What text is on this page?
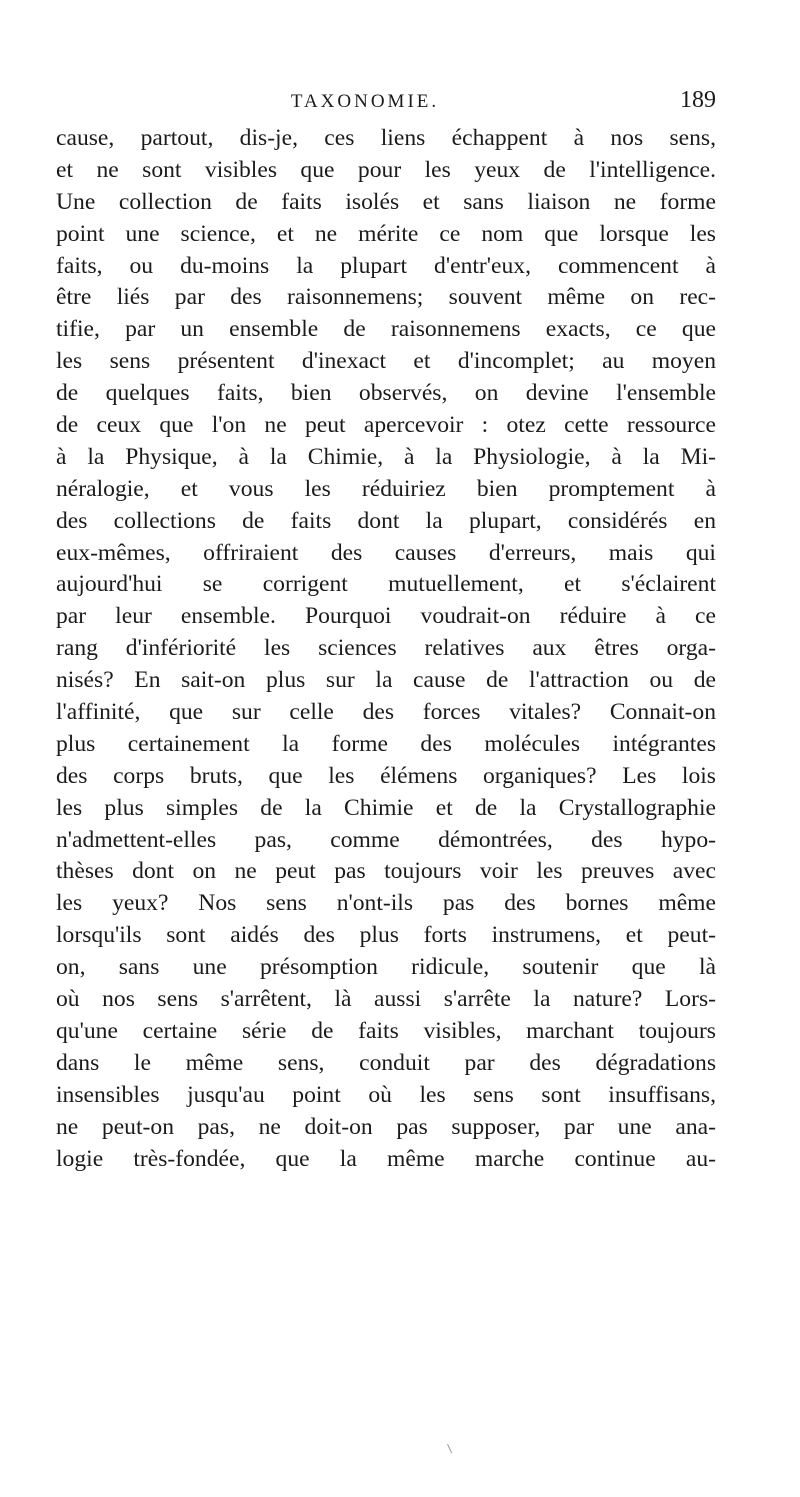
TAXONOMIE.	189
cause, partout, dis-je, ces liens échappent à nos sens,
et ne sont visibles que pour les yeux de l'intelligence.
Une collection de faits isolés et sans liaison ne forme
point une science, et ne mérite ce nom que lorsque les
faits, ou du-moins la plupart d'entr'eux, commencent à
être liés par des raisonnemens; souvent même on rec-
tifie, par un ensemble de raisonnemens exacts, ce que
les sens présentent d'inexact et d'incomplet; au moyen
de quelques faits, bien observés, on devine l'ensemble
de ceux que l'on ne peut apercevoir : otez cette ressource
à la Physique, à la Chimie, à la Physiologie, à la Mi-
néralogie, et vous les réduiriez bien promptement à
des collections de faits dont la plupart, considérés en
eux-mêmes, offriraient des causes d'erreurs, mais qui
aujourd'hui se corrigent mutuellement, et s'éclairent
par leur ensemble. Pourquoi voudrait-on réduire à ce
rang d'infériorité les sciences relatives aux êtres orga-
nisés? En sait-on plus sur la cause de l'attraction ou de
l'affinité, que sur celle des forces vitales? Connait-on
plus certainement la forme des molécules intégrantes
des corps bruts, que les élémens organiques? Les lois
les plus simples de la Chimie et de la Crystallographie
n'admettent-elles pas, comme démontrées, des hypo-
thèses dont on ne peut pas toujours voir les preuves avec
les yeux? Nos sens n'ont-ils pas des bornes même
lorsqu'ils sont aidés des plus forts instrumens, et peut-
on, sans une présomption ridicule, soutenir que là
où nos sens s'arrêtent, là aussi s'arrête la nature? Lors-
qu'une certaine série de faits visibles, marchant toujours
dans le même sens, conduit par des dégradations
insensibles jusqu'au point où les sens sont insuffisans,
ne peut-on pas, ne doit-on pas supposer, par une ana-
logie très-fondée, que la même marche continue au-
